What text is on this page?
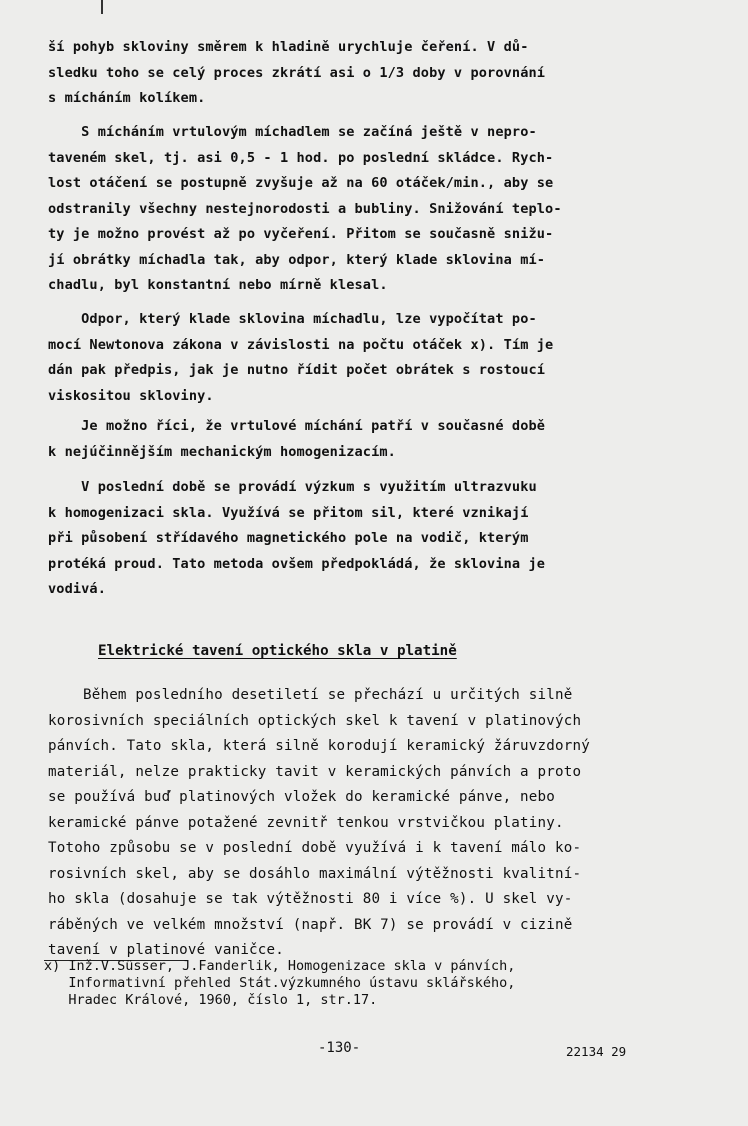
ší pohyb skloviny směrem k hladině urychluje čeření. V dů-
sledku toho se celý proces zkrátí asi o 1/3 doby v porovnání
s mícháním kolíkem.
S mícháním vrtulovým míchadlem se začíná ještě v nepro-
taveném skel, tj. asi 0,5 - 1 hod. po poslední skládce. Rych-
lost otáčení se postupně zvyšuje až na 60 otáček/min., aby se
odstranily všechny nestejnorodosti a bubliny. Snižování teplo-
ty je možno provést až po vyčeření. Přitom se současně snižu-
jí obrátky míchadla tak, aby odpor, který klade sklovina mí-
chadlu, byl konstantní nebo mírně klesal.
Odpor, který klade sklovina míchadlu, lze vypočítat po-
mocí Newtonova zákona v závislosti na počtu otáček x). Tím je
dán pak předpis, jak je nutno řídit počet obrátek s rostoucí
viskositou skloviny.
Je možno říci, že vrtulové míchání patří v současné době
k nejúčinnějším mechanickým homogenizacím.
V poslední době se provádí výzkum s využitím ultrazvuku
k homogenizaci skla. Využívá se přitom sil, které vznikají
při působení střídavého magnetického pole na vodič, kterým
protéká proud. Tato metoda ovšem předpokládá, že sklovina je
vodivá.
Elektrické tavení optického skla v platině
Během posledního desetiletí se přechází u určitých silně
korosivních speciálních optických skel k tavení v platinových
pánvích. Tato skla, která silně korodují keramický žáruvzdorný
materiál, nelze prakticky tavit v keramických pánvích a proto
se používá buď platinových vložek do keramické pánve, nebo
keramické pánve potažené zevnitř tenkou vrstvičkou platiny.
Totoho způsobu se v poslední době využívá i k tavení málo ko-
rosivních skel, aby se dosáhlo maximální výtěžnosti kvalitní-
ho skla (dosahuje se tak výtěžnosti 80 i více %). U skel vy-
ráběných ve velkém množství (např. BK 7) se provádí v cizině
tavení v platinové vaničce.
x) Inž.V.Süsser, J.Fanderlik, Homogenizace skla v pánvích,
Informativní přehled Stát.výzkumného ústavu sklářského,
Hradec Králové, 1960, číslo 1, str.17.
-130-	22134 29
